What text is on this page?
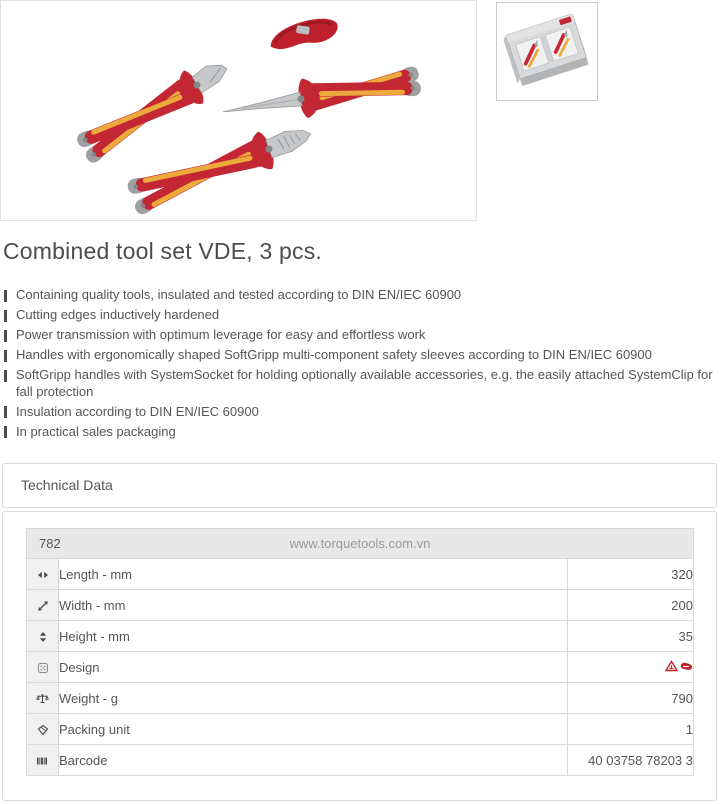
Combined tool set VDE, 3 pcs.
Containing quality tools, insulated and tested according to DIN EN/IEC 60900
Cutting edges inductively hardened
Power transmission with optimum leverage for easy and effortless work
Handles with ergonomically shaped SoftGripp multi-component safety sleeves according to DIN EN/IEC 60900
SoftGripp handles with SystemSocket for holding optionally available accessories, e.g. the easily attached SystemClip for fall protection
Insulation according to DIN EN/IEC 60900
In practical sales packaging
Technical Data
782 www.torquetools.com.vn		

	Length - mm	320
	Width - mm	200
	Height - mm	35
	Design	

	Weight - g	790
	Packing unit	1
	Barcode	40 03758 78203 3
